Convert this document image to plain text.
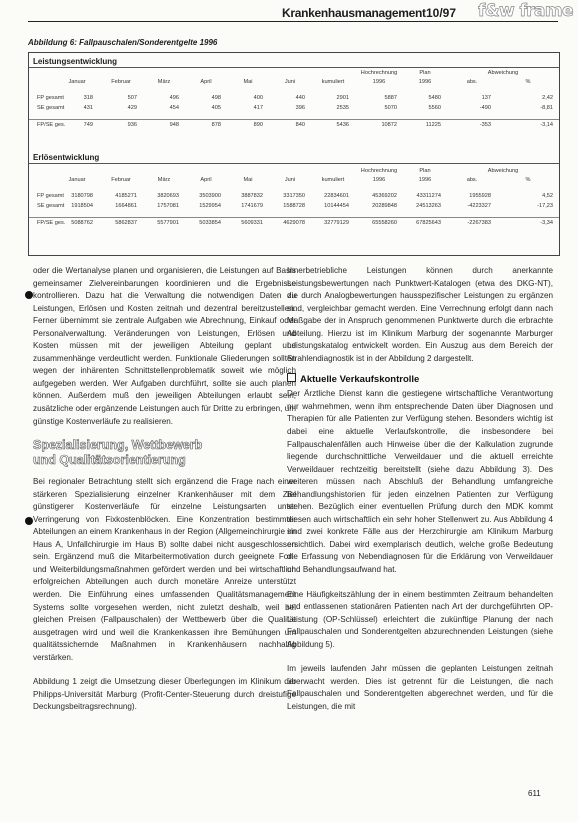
Krankenhausmanagement 10/97 f&w frame
Abbildung 6: Fallpauschalen/Sonderentgelte 1996
Leistungsentwicklung
								Hochrechnung	Plan	Abweichung	
	Januar	Februar	März	April	Mai	Juni	kumuliert	1996	1996	abs.	%

FP gesamt	318	507	496	498	400	440	2901	5887	5480	137	2,42
SE gesamt	431	429	454	405	417	396	2535	5070	5560	-490	-8,81

FP/SE ges.	749	936	948	878	890	840	5436	10872	11225	-353	-3,14
Erlösentwicklung
								Hochrechnung	Plan	Abweichung	
	Januar	Februar	März	April	Mai	Juni	kumuliert	1996	1996	abs.	%

FP gesamt	3180798	4185271	3820693	3503900	3887832	3317350	22834601	45369202	43311274	1955928	4,52
SE gesamt	1918504	1664861	1757081	1529954	1741679	1588728	10144454	20289848	24513263	-4223327	-17,23

FP/SE ges.	5088762	5862837	5577901	5033854	5609331	4629078	32779129	65558260	67825643	-2267383	-3,34

oder die Wertanalyse planen und organisieren, die Leistungen auf Basis gemeinsamer Zielvereinbarungen koordinieren und die Ergebnisse kontrollieren. Dazu hat die Verwaltung die notwendigen Daten zu Leistungen, Erlösen und Kosten zeitnah und dezentral bereitzustellen. Ferner übernimmt sie zentrale Aufgaben wie Abrechnung, Einkauf oder Personalverwaltung. Veränderungen von Leistungen, Erlösen und Kosten müssen mit der jeweiligen Abteilung geplant und zusammenhänge verdeutlicht werden. Funktionale Gliederungen sollten wegen der inhärenten Schnittstellenproblematik soweit wie möglich aufgegeben werden. Wer Aufgaben durchführt, sollte sie auch planen können. Außerdem muß den jeweiligen Abteilungen erlaubt sein, zusätzliche oder ergänzende Leistungen auch für Dritte zu erbringen, um günstige Kostenverläufe zu realisieren.

Spezialisierung, Wettbewerb
und Qualitätsorientierung

Bei regionaler Betrachtung stellt sich ergänzend die Frage nach einer stärkeren Spezialisierung einzelner Krankenhäuser mit dem Ziel günstigerer Kostenverläufe für einzelne Leistungsarten unter Verringerung von Fixkostenblöcken. Eine Konzentration bestimmter Abteilungen an einem Krankenhaus in der Region (Allgemeinchirurgie im Haus A, Unfallchirurgie im Haus B) sollte dabei nicht ausgeschlossen sein. Ergänzend muß die Mitarbeitermotivation durch geeignete Fort- und Weiterbildungsmaßnahmen gefördert werden und bei wirtschaftlich erfolgreichen Abteilungen auch durch monetäre Anreize unterstützt werden. Die Einführung eines umfassenden Qualitätsmanagement Systems sollte vorgesehen werden, nicht zuletzt deshalb, weil bei gleichen Preisen (Fallpauschalen) der Wettbewerb über die Qualität ausgetragen wird und weil die Krankenkassen ihre Bemühungen um qualitätssichernde Maßnahmen in Krankenhäusern nachhaltig verstärken.

Abbildung 1 zeigt die Umsetzung dieser Überlegungen im Klinikum der Philipps-Universität Marburg (Profit-Center-Steuerung durch dreistufige Deckungsbeitragsrechnung).

Innerbetriebliche Leistungen können durch anerkannte Leistungsbewertungen nach Punktwert-Katalogen (etwa des DKG-NT), die durch Analogbewertungen hausspezifischer Leistungen zu ergänzen sind, vergleichbar gemacht werden. Eine Verrechnung erfolgt dann nach Maßgabe der in Anspruch genommenen Punktwerte durch die erbrachte Abteilung. Hierzu ist im Klinikum Marburg der sogenannte Marburger Leistungskatalog entwickelt worden. Ein Auszug aus dem Bereich der Strahlendiagnostik ist in der Abbildung 2 dargestellt.

Aktuelle Verkaufskontrolle

Der Ärztliche Dienst kann die gestiegene wirtschaftliche Verantwortung nur wahrnehmen, wenn ihm entsprechende Daten über Diagnosen und Therapien für alle Patienten zur Verfügung stehen. Besonders wichtig ist dabei eine aktuelle Verlaufskontrolle, die insbesondere bei Fallpauschalenfällen auch Hinweise über die der Kalkulation zugrunde liegende durchschnittliche Verweildauer und die aktuell erreichte Verweildauer rechtzeitig bereitstellt (siehe dazu Abbildung 3). Des weiteren müssen nach Abschluß der Behandlung umfangreiche Behandlungshistorien für jeden einzelnen Patienten zur Verfügung stehen. Bezüglich einer eventuellen Prüfung durch den MDK kommt diesen auch wirtschaftlich ein sehr hoher Stellenwert zu. Aus Abbildung 4 sind zwei konkrete Fälle aus der Herzchirurgie am Klinikum Marburg ersichtlich. Dabei wird exemplarisch deutlich, welche große Bedeutung die Erfassung von Nebendiagnosen für die Erklärung von Verweildauer und Behandlungsaufwand hat.

Eine Häufigkeitszählung der in einem bestimmten Zeitraum behandelten und entlassenen stationären Patienten nach Art der durchgeführten OP-Leistung (OP-Schlüssel) erleichtert die zukünftige Planung der nach Fallpauschalen und Sonderentgelten abzurechnenden Leistungen (siehe Abbildung 5).

Im jeweils laufenden Jahr müssen die geplanten Leistungen zeitnah überwacht werden. Dies ist getrennt für die Leistungen, die nach Fallpauschalen und Sonderentgelten abgerechnet werden, und für die Leistungen, die mit

611
